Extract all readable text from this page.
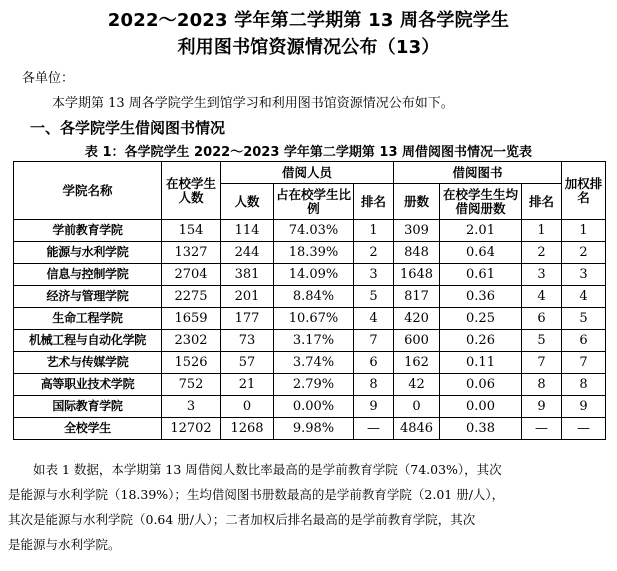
2022～2023 学年第二学期第 13 周各学院学生
利用图书馆资源情况公布（13）
各单位：
本学期第 13 周各学院学生到馆学习和利用图书馆资源情况公布如下。
一、各学院学生借阅图书情况
表 1：各学院学生 2022～2023 学年第二学期第 13 周借阅图书情况一览表
学院名称	在校学生人数	借阅人员			借阅图书			加权排名
		人数	占在校学生比例	排名	册数	在校学生生均借阅册数	排名	
学前教育学院	154	114	74.03%	1	309	2.01	1	1
能源与水利学院	1327	244	18.39%	2	848	0.64	2	2
信息与控制学院	2704	381	14.09%	3	1648	0.61	3	3
经济与管理学院	2275	201	8.84%	5	817	0.36	4	4
生命工程学院	1659	177	10.67%	4	420	0.25	6	5
机械工程与自动化学院	2302	73	3.17%	7	600	0.26	5	6
艺术与传媒学院	1526	57	3.74%	6	162	0.11	7	7
高等职业技术学院	752	21	2.79%	8	42	0.06	8	8
国际教育学院	3	0	0.00%	9	0	0.00	9	9
全校学生	12702	1268	9.98%	—	4846	0.38	—	—

如表 1 数据，本学期第 13 周借阅人数比率最高的是学前教育学院（74.03%），其次

是能源与水利学院（18.39%）；生均借阅图书册数最高的是学前教育学院（2.01 册/人），

其次是能源与水利学院（0.64 册/人）；二者加权后排名最高的是学前教育学院，其次

是能源与水利学院。
